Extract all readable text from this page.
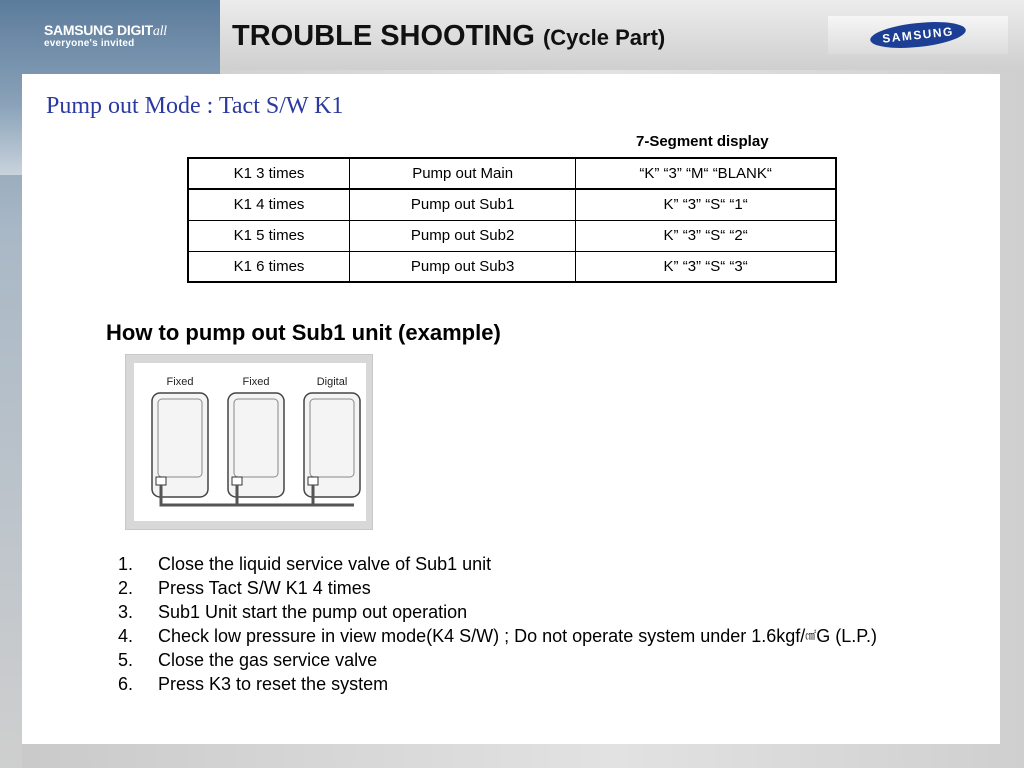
SAMSUNG DIGITall
everyone's invited	TROUBLE SHOOTING (Cycle Part)	SAMSUNG
Pump out Mode : Tact S/W K1
7-Segment display
K1 3 times	Pump out Main	“K” “3” “M“ “BLANK“
K1 4 times	Pump out Sub1	K” “3” “S“ “1“
K1 5 times	Pump out Sub2	K” “3” “S“ “2“
K1 6 times	Pump out Sub3	K” “3” “S“ “3“
How to pump out Sub1 unit (example)
Fixed	Fixed	Digital
1.	Close the liquid service valve of Sub1 unit
2.	Press Tact S/W K1 4 times
3.	Sub1 Unit start the pump out operation
4.	Check low pressure in view mode(K4 S/W) ; Do not operate system under 1.6kgf/㎠G (L.P.)
5.	Close the gas service valve
6.	Press K3 to reset the system
